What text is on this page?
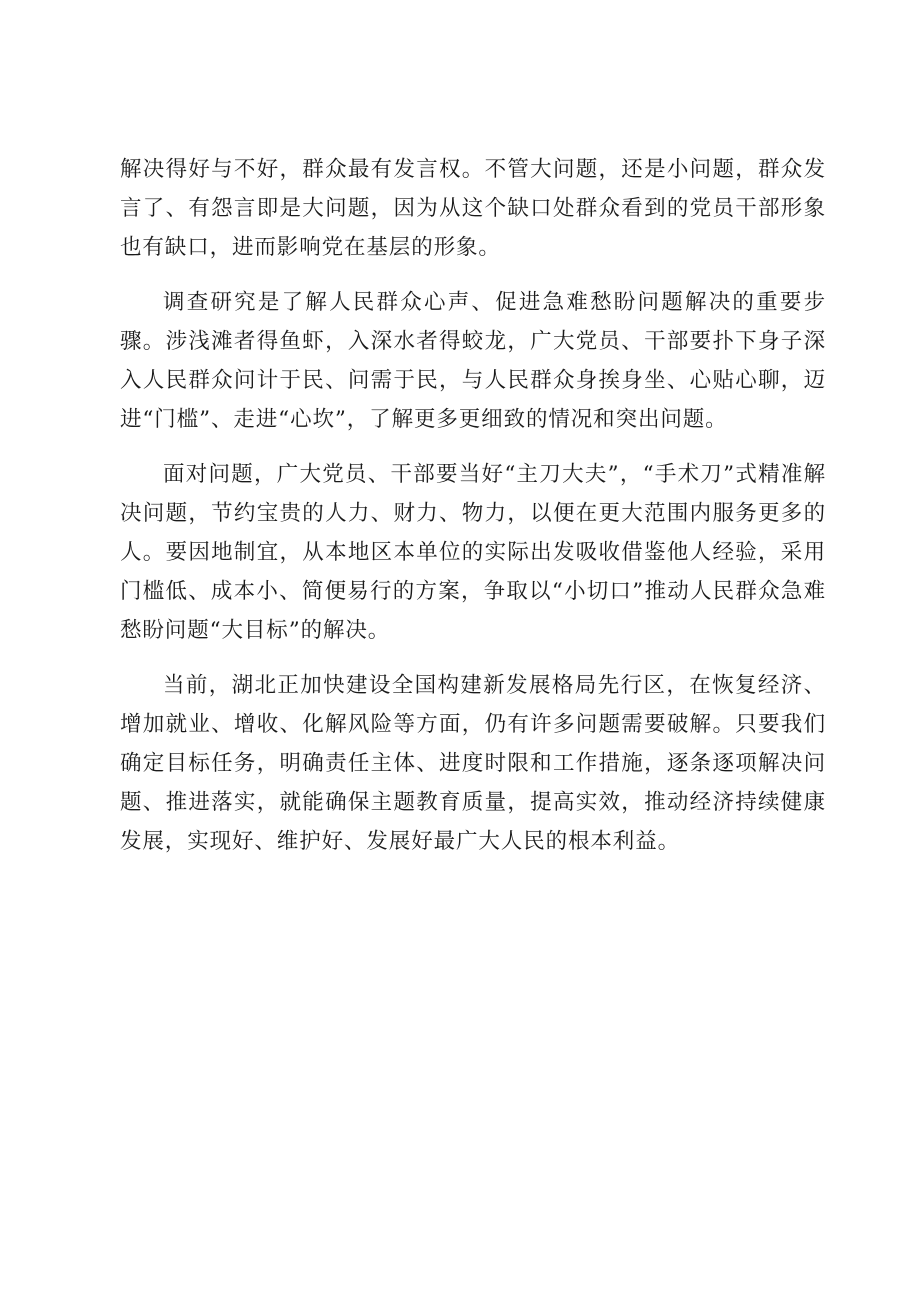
解决得好与不好，群众最有发言权。不管大问题，还是小问题，群众发言了、有怨言即是大问题，因为从这个缺口处群众看到的党员干部形象也有缺口，进而影响党在基层的形象。

调查研究是了解人民群众心声、促进急难愁盼问题解决的重要步骤。涉浅滩者得鱼虾，入深水者得蛟龙，广大党员、干部要扑下身子深入人民群众问计于民、问需于民，与人民群众身挨身坐、心贴心聊，迈进“门槛”、走进“心坎”，了解更多更细致的情况和突出问题。

面对问题，广大党员、干部要当好“主刀大夫”，“手术刀”式精准解决问题，节约宝贵的人力、财力、物力，以便在更大范围内服务更多的人。要因地制宜，从本地区本单位的实际出发吸收借鉴他人经验，采用门槛低、成本小、简便易行的方案，争取以“小切口”推动人民群众急难愁盼问题“大目标”的解决。

当前，湖北正加快建设全国构建新发展格局先行区，在恢复经济、增加就业、增收、化解风险等方面，仍有许多问题需要破解。只要我们确定目标任务，明确责任主体、进度时限和工作措施，逐条逐项解决问题、推进落实，就能确保主题教育质量，提高实效，推动经济持续健康发展，实现好、维护好、发展好最广大人民的根本利益。
